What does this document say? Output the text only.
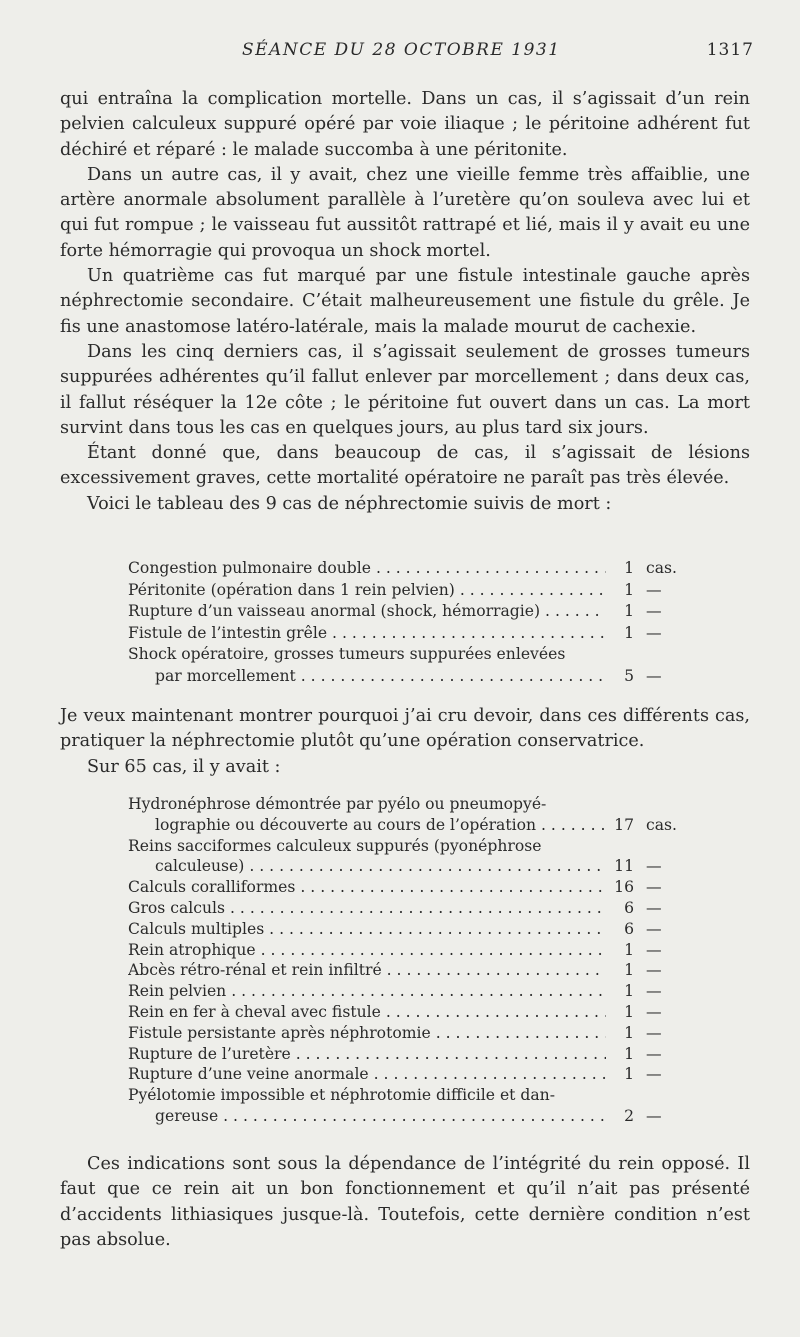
SÉANCE DU 28 OCTOBRE 1931	1317

qui entraîna la complication mortelle. Dans un cas, il s’agissait d’un rein pelvien calculeux suppuré opéré par voie iliaque ; le péritoine adhérent fut déchiré et réparé : le malade succomba à une péritonite.

Dans un autre cas, il y avait, chez une vieille femme très affaiblie, une artère anormale absolument parallèle à l’uretère qu’on souleva avec lui et qui fut rompue ; le vaisseau fut aussitôt rattrapé et lié, mais il y avait eu une forte hémorragie qui provoqua un shock mortel.

Un quatrième cas fut marqué par une fistule intestinale gauche après néphrectomie secondaire. C’était malheureusement une fistule du grêle. Je fis une anastomose latéro-latérale, mais la malade mourut de cachexie.

Dans les cinq derniers cas, il s’agissait seulement de grosses tumeurs suppurées adhérentes qu’il fallut enlever par morcellement ; dans deux cas, il fallut réséquer la 12e côte ; le péritoine fut ouvert dans un cas. La mort survint dans tous les cas en quelques jours, au plus tard six jours.

Étant donné que, dans beaucoup de cas, il s’agissait de lésions excessivement graves, cette mortalité opératoire ne paraît pas très élevée.

Voici le tableau des 9 cas de néphrectomie suivis de mort :

Congestion pulmonaire double . . .	1 cas.
Péritonite (opération dans 1 rein pelvien) . . .	1 —
Rupture d’un vaisseau anormal (shock, hémorragie) . . .	1 —
Fistule de l’intestin grêle . . .	1 —
Shock opératoire, grosses tumeurs suppurées enlevées
par morcellement . . .	5 —

Je veux maintenant montrer pourquoi j’ai cru devoir, dans ces différents cas, pratiquer la néphrectomie plutôt qu’une opération conservatrice.

Sur 65 cas, il y avait :

Hydronéphrose démontrée par pyélo ou pneumopyé-
lographie ou découverte au cours de l’opération . . .	17 cas.
Reins sacciformes calculeux suppurés (pyonéphrose
calculeuse) . . .	11 —
Calculs coralliformes . . .	16 —
Gros calculs . . .	6 —
Calculs multiples . . .	6 —
Rein atrophique . . .	1 —
Abcès rétro-rénal et rein infiltré . . .	1 —
Rein pelvien . . .	1 —
Rein en fer à cheval avec fistule . . .	1 —
Fistule persistante après néphrotomie . . .	1 —
Rupture de l’uretère . . .	1 —
Rupture d’une veine anormale . . .	1 —
Pyélotomie impossible et néphrotomie difficile et dan-
gereuse . . .	2 —

Ces indications sont sous la dépendance de l’intégrité du rein opposé. Il faut que ce rein ait un bon fonctionnement et qu’il n’ait pas présenté d’accidents lithiasiques jusque-là. Toutefois, cette dernière condition n’est pas absolue.
